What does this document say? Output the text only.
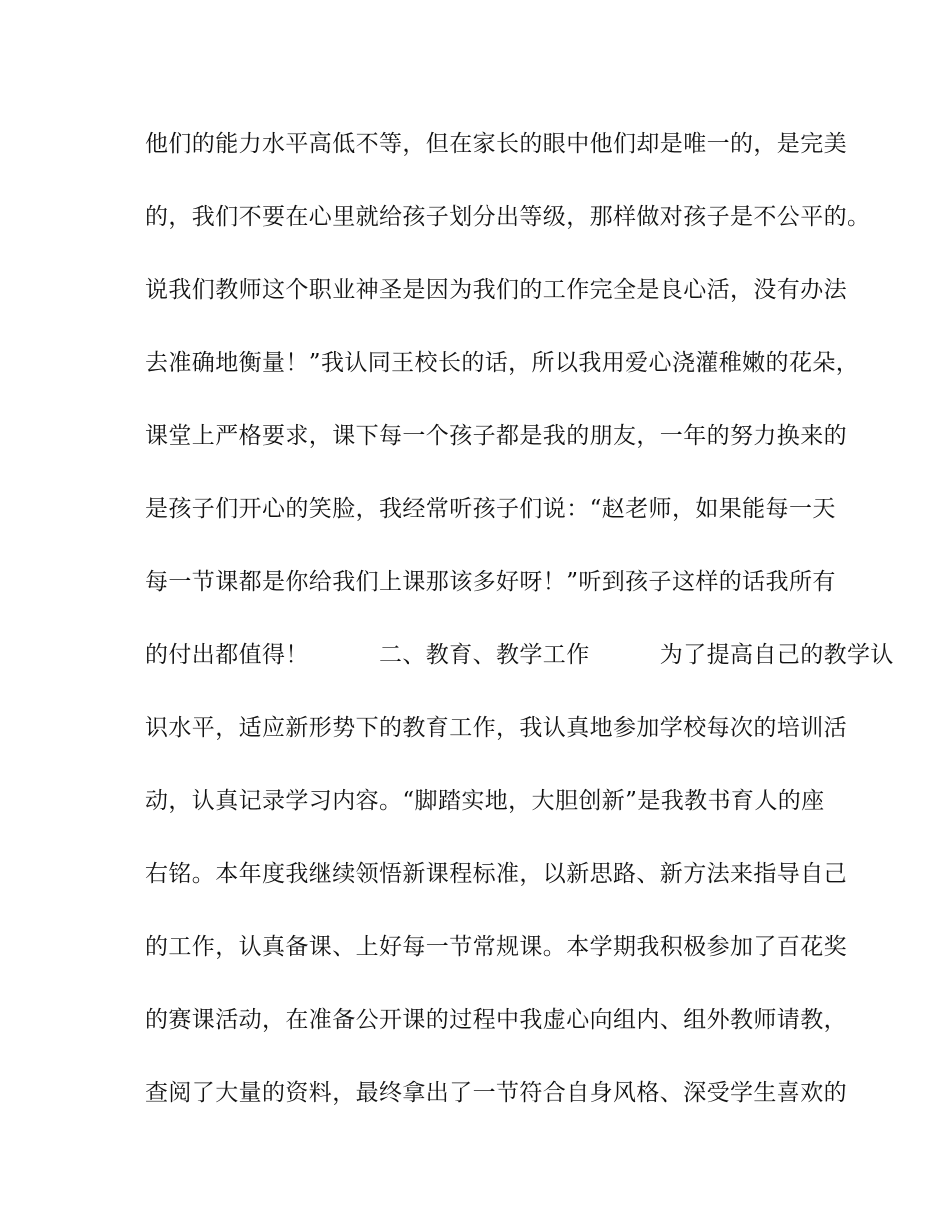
他们的能力水平高低不等，但在家长的眼中他们却是唯一的，是完美
的，我们不要在心里就给孩子划分出等级，那样做对孩子是不公平的。
说我们教师这个职业神圣是因为我们的工作完全是良心活，没有办法
去准确地衡量！”我认同王校长的话，所以我用爱心浇灌稚嫩的花朵，
课堂上严格要求，课下每一个孩子都是我的朋友，一年的努力换来的
是孩子们开心的笑脸，我经常听孩子们说：“赵老师，如果能每一天
每一节课都是你给我们上课那该多好呀！”听到孩子这样的话我所有
的付出都值得！　　　二、教育、教学工作　　　为了提高自己的教学认
识水平，适应新形势下的教育工作，我认真地参加学校每次的培训活
动，认真记录学习内容。“脚踏实地，大胆创新”是我教书育人的座
右铭。本年度我继续领悟新课程标准，以新思路、新方法来指导自己
的工作，认真备课、上好每一节常规课。本学期我积极参加了百花奖
的赛课活动，在准备公开课的过程中我虚心向组内、组外教师请教，
查阅了大量的资料，最终拿出了一节符合自身风格、深受学生喜欢的
